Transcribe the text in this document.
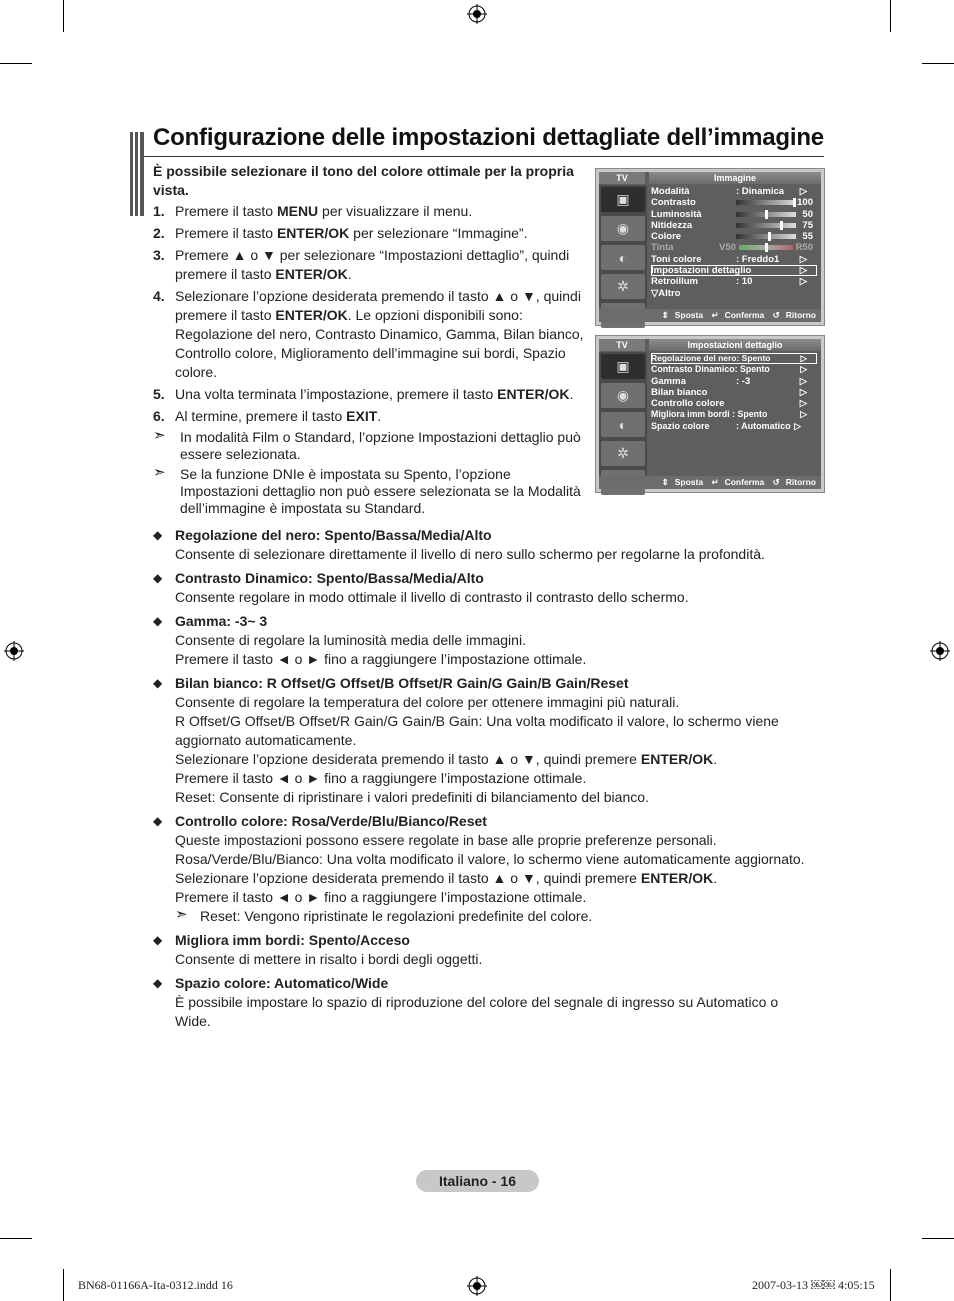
Configurazione delle impostazioni dettagliate dell’immagine
È possibile selezionare il tono del colore ottimale per la propria vista.
1. Premere il tasto MENU per visualizzare il menu.
2. Premere il tasto ENTER/OK per selezionare “Immagine”.
3. Premere ▲ o ▼ per selezionare “Impostazioni dettaglio”, quindi premere il tasto ENTER/OK.
4. Selezionare l’opzione desiderata premendo il tasto ▲ o ▼, quindi premere il tasto ENTER/OK. Le opzioni disponibili sono: Regolazione del nero, Contrasto Dinamico, Gamma, Bilan bianco, Controllo colore, Miglioramento dell’immagine sui bordi, Spazio colore.
5. Una volta terminata l’impostazione, premere il tasto ENTER/OK.
6. Al termine, premere il tasto EXIT.
➣ In modalità Film o Standard, l’opzione Impostazioni dettaglio può essere selezionata.
➣ Se la funzione DNIe è impostata su Spento, l’opzione Impostazioni dettaglio non può essere selezionata se la Modalità dell’immagine è impostata su Standard.
TV	Immagine
▣
◉
◐
✲
Modalità	: Dinamica ▷
Contrasto	100
Luminosità	50
Nitidezza	75
Colore	55
Tinta	V50	R50
Toni colore	: Freddo1 ▷
Impostazioni dettaglio	▷
Retroillum	: 10	▷
▽Altro
⇕ Sposta ↵ Conferma ↺ Ritorno
TV	Impostazioni dettaglio
▣
◉
◐
✲
Regolazione del nero: Spento	▷
Contrasto Dinamico: Spento	▷
Gamma	: -3	▷
Bilan bianco	▷
Controllo colore	▷
Migliora imm bordi : Spento	▷
Spazio colore	: Automatico ▷
⇕ Sposta ↵ Conferma ↺ Ritorno
◆ Regolazione del nero: Spento/Bassa/Media/Alto
Consente di selezionare direttamente il livello di nero sullo schermo per regolarne la profondità.
◆ Contrasto Dinamico: Spento/Bassa/Media/Alto
Consente regolare in modo ottimale il livello di contrasto il contrasto dello schermo.
◆ Gamma: -3~ 3
Consente di regolare la luminosità media delle immagini.
Premere il tasto ◄ o ► fino a raggiungere l’impostazione ottimale.
◆ Bilan bianco: R Offset/G Offset/B Offset/R Gain/G Gain/B Gain/Reset
Consente di regolare la temperatura del colore per ottenere immagini più naturali.
R Offset/G Offset/B Offset/R Gain/G Gain/B Gain: Una volta modificato il valore, lo schermo viene aggiornato automaticamente.
Selezionare l’opzione desiderata premendo il tasto ▲ o ▼, quindi premere ENTER/OK.
Premere il tasto ◄ o ► fino a raggiungere l’impostazione ottimale.
Reset: Consente di ripristinare i valori predefiniti di bilanciamento del bianco.
◆ Controllo colore: Rosa/Verde/Blu/Bianco/Reset
Queste impostazioni possono essere regolate in base alle proprie preferenze personali.
Rosa/Verde/Blu/Bianco: Una volta modificato il valore, lo schermo viene automaticamente aggiornato.
Selezionare l’opzione desiderata premendo il tasto ▲ o ▼, quindi premere ENTER/OK.
Premere il tasto ◄ o ► fino a raggiungere l’impostazione ottimale.
➣ Reset: Vengono ripristinate le regolazioni predefinite del colore.
◆ Migliora imm bordi: Spento/Acceso
Consente di mettere in risalto i bordi degli oggetti.
◆ Spazio colore: Automatico/Wide
È possibile impostare lo spazio di riproduzione del colore del segnale di ingresso su Automatico o Wide.
Italiano - 16
BN68-01166A-Ita-0312.indd 16	2007-03-13 ￼￼ 4:05:15
